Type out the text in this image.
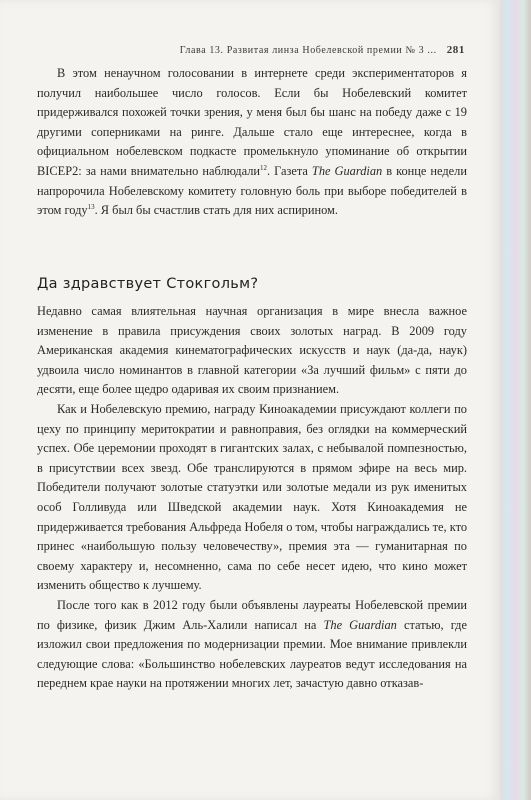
Глава 13. Развитая линза Нобелевской премии № 3 ... 281

В этом ненаучном голосовании в интернете среди экспериментаторов я получил наибольшее число голосов. Если бы Нобелевский комитет придерживался похожей точки зрения, у меня был бы шанс на победу даже с 19 другими соперниками на ринге. Дальше стало еще интереснее, когда в официальном нобелевском подкасте промелькнуло упоминание об открытии BICEP2: за нами внимательно наблюдали$^{12}$. Газета The Guardian в конце недели напророчила Нобелевскому комитету головную боль при выборе победителей в этом году$^{13}$. Я был бы счастлив стать для них аспирином.

Да здравствует Стокгольм?

Недавно самая влиятельная научная организация в мире внесла важное изменение в правила присуждения своих золотых наград. В 2009 году Американская академия кинематографических искусств и наук (да-да, наук) удвоила число номинантов в главной категории «За лучший фильм» с пяти до десяти, еще более щедро одаривая их своим признанием.

Как и Нобелевскую премию, награду Киноакадемии присуждают коллеги по цеху по принципу меритократии и равноправия, без оглядки на коммерческий успех. Обе церемонии проходят в гигантских залах, с небывалой помпезностью, в присутствии всех звезд. Обе транслируются в прямом эфире на весь мир. Победители получают золотые статуэтки или золотые медали из рук именитых особ Голливуда или Шведской академии наук. Хотя Киноакадемия не придерживается требования Альфреда Нобеля о том, чтобы награждались те, кто принес «наибольшую пользу человечеству», премия эта — гуманитарная по своему характеру и, несомненно, сама по себе несет идею, что кино может изменить общество к лучшему.

После того как в 2012 году были объявлены лауреаты Нобелевской премии по физике, физик Джим Аль-Халили написал на The Guardian статью, где изложил свои предложения по модернизации премии. Мое внимание привлекли следующие слова: «Большинство нобелевских лауреатов ведут исследования на переднем крае науки на протяжении многих лет, зачастую давно отказав-
